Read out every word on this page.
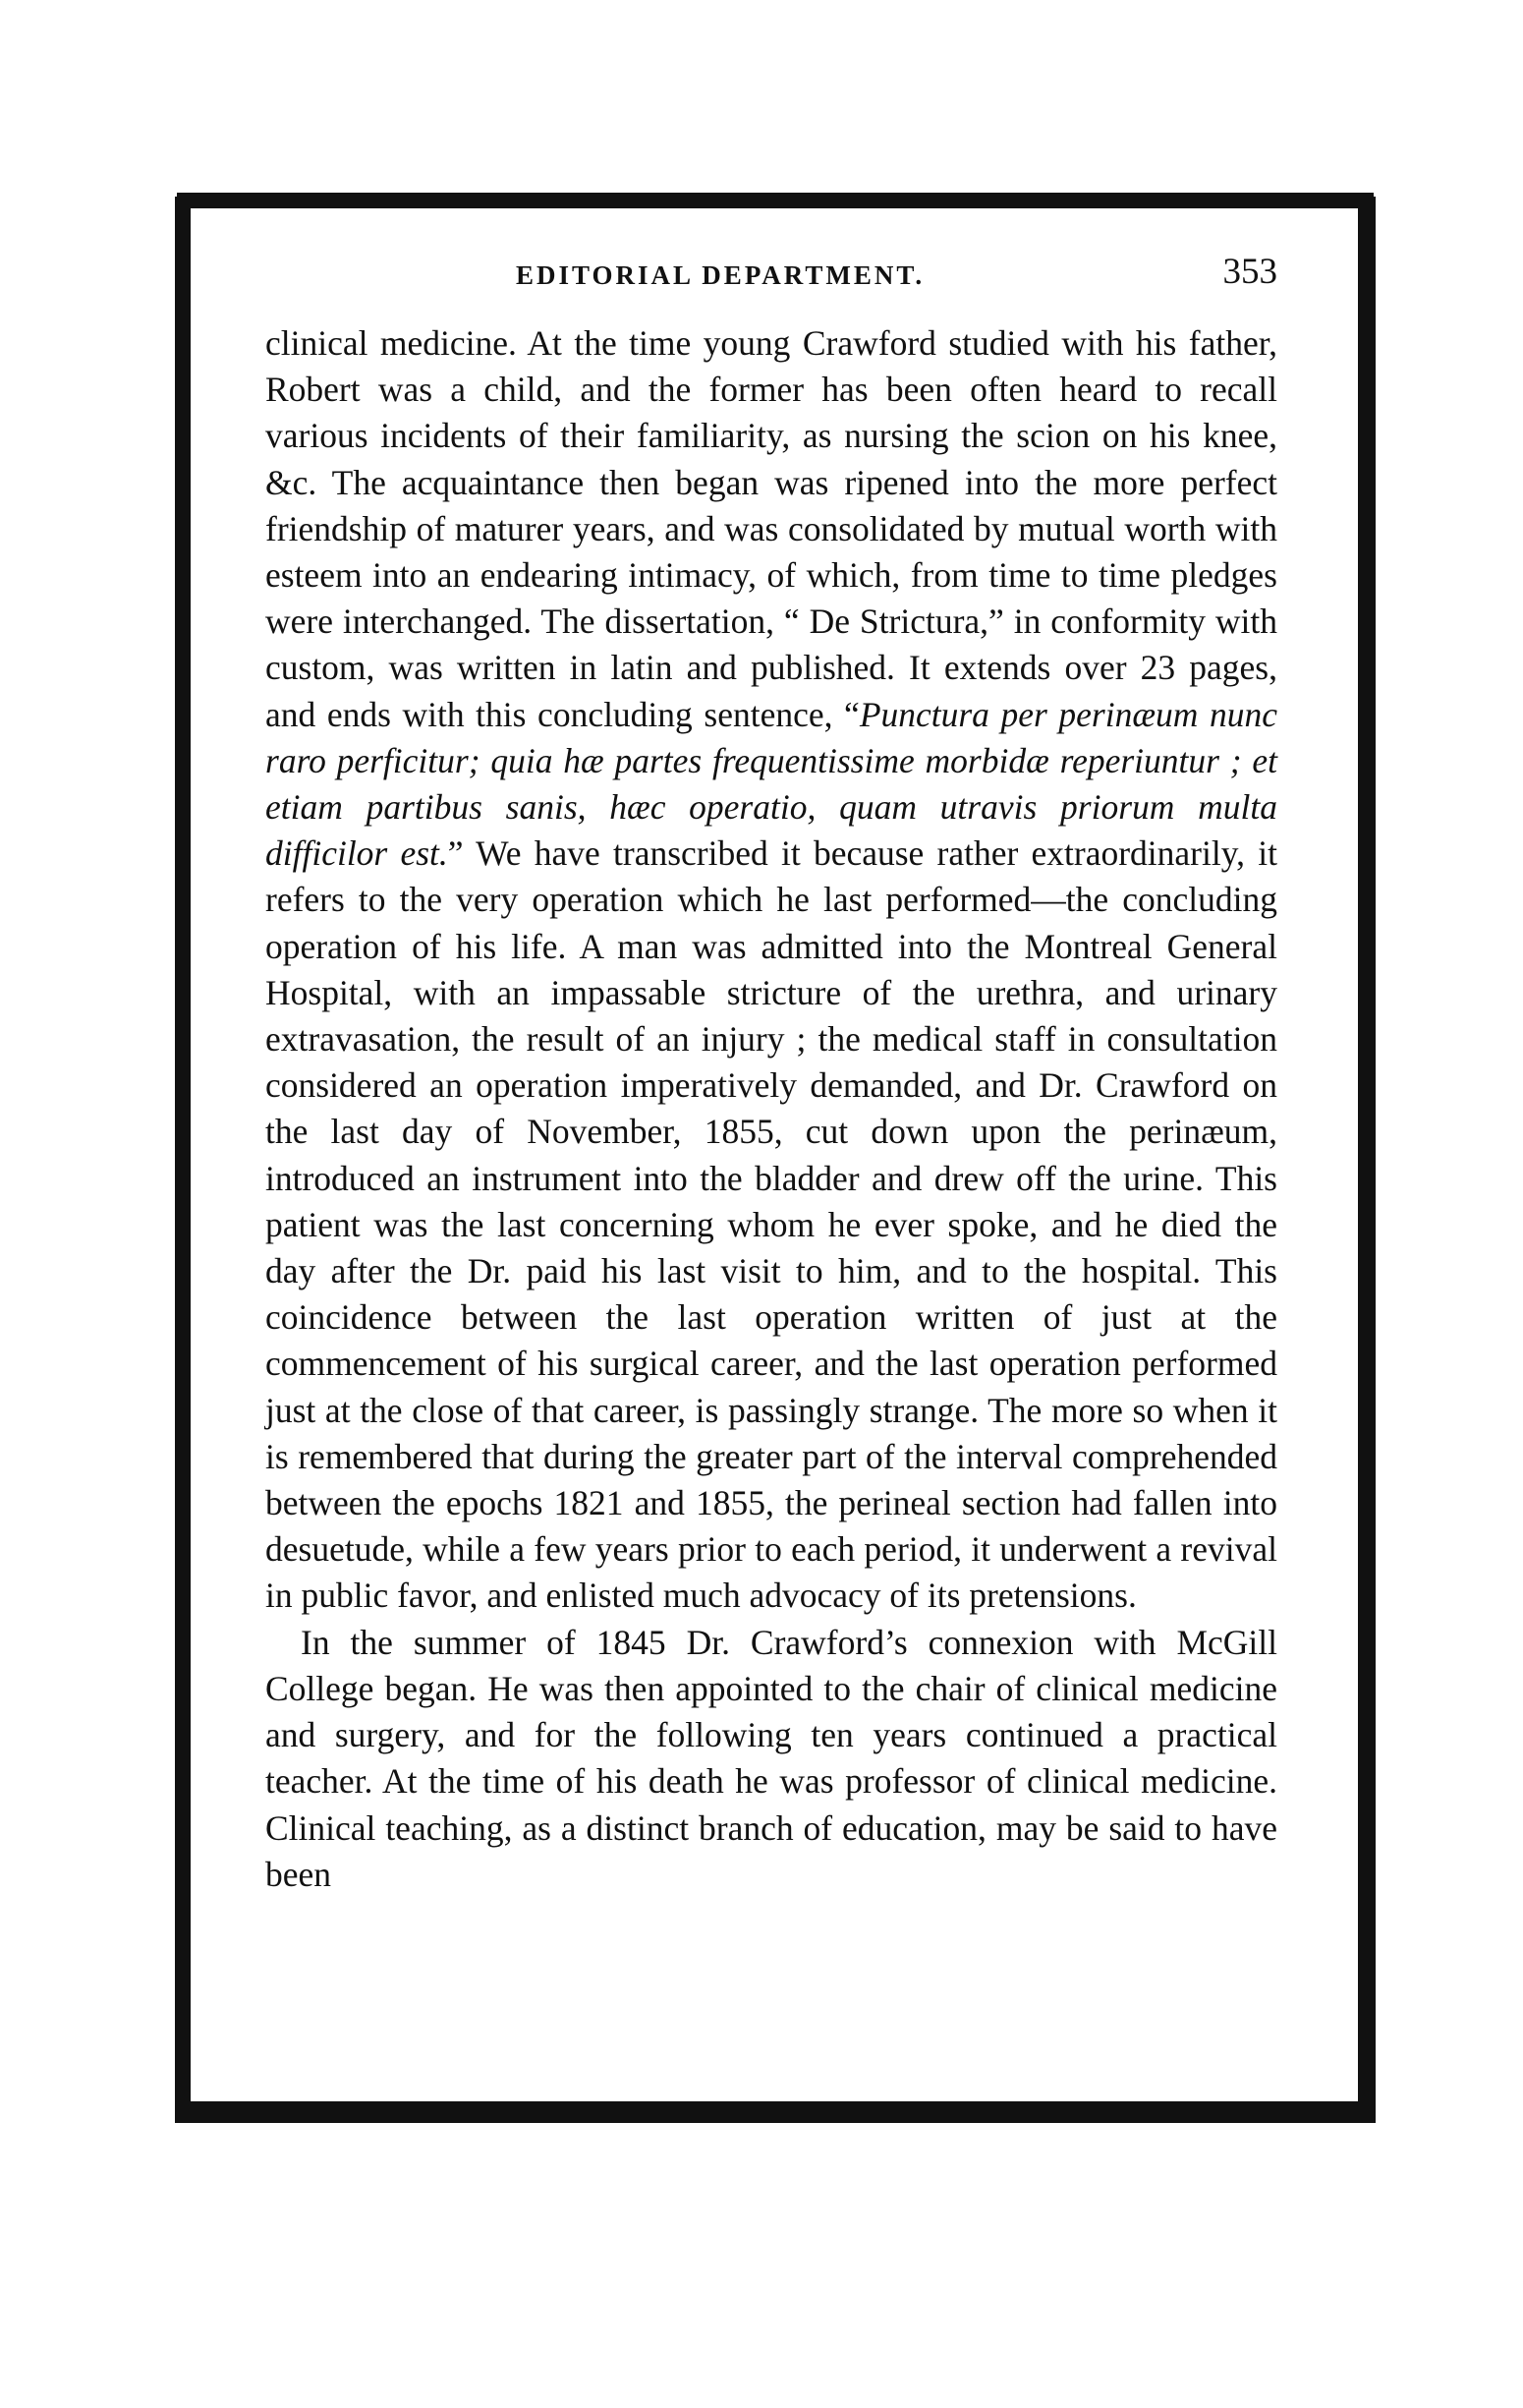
EDITORIAL DEPARTMENT.	353

clinical medicine. At the time young Crawford studied with his father, Robert was a child, and the former has been often heard to recall various incidents of their familiarity, as nursing the scion on his knee, &c. The acquaintance then began was ripened into the more perfect friendship of maturer years, and was consolidated by mutual worth with esteem into an endearing intimacy, of which, from time to time pledges were interchanged. The dissertation, “ De Strictura,” in conformity with custom, was written in latin and published. It extends over 23 pages, and ends with this concluding sentence, “Punctura per perinæum nunc raro perficitur; quia hæ partes frequentissime morbidæ reperiuntur ; et etiam partibus sanis, hæc operatio, quam utravis priorum multa difficilor est.” We have transcribed it because rather extraordinarily, it refers to the very operation which he last performed—the concluding operation of his life. A man was admitted into the Montreal General Hospital, with an impassable stricture of the urethra, and urinary extravasation, the result of an injury ; the medical staff in consultation considered an operation imperatively demanded, and Dr. Crawford on the last day of November, 1855, cut down upon the perinæum, introduced an instrument into the bladder and drew off the urine. This patient was the last concerning whom he ever spoke, and he died the day after the Dr. paid his last visit to him, and to the hospital. This coincidence between the last operation written of just at the commencement of his surgical career, and the last operation performed just at the close of that career, is passingly strange. The more so when it is remembered that during the greater part of the interval comprehended between the epochs 1821 and 1855, the perineal section had fallen into desuetude, while a few years prior to each period, it underwent a revival in public favor, and enlisted much advocacy of its pretensions.

In the summer of 1845 Dr. Crawford’s connexion with McGill College began. He was then appointed to the chair of clinical medicine and surgery, and for the following ten years continued a practical teacher. At the time of his death he was professor of clinical medicine. Clinical teaching, as a distinct branch of education, may be said to have been
